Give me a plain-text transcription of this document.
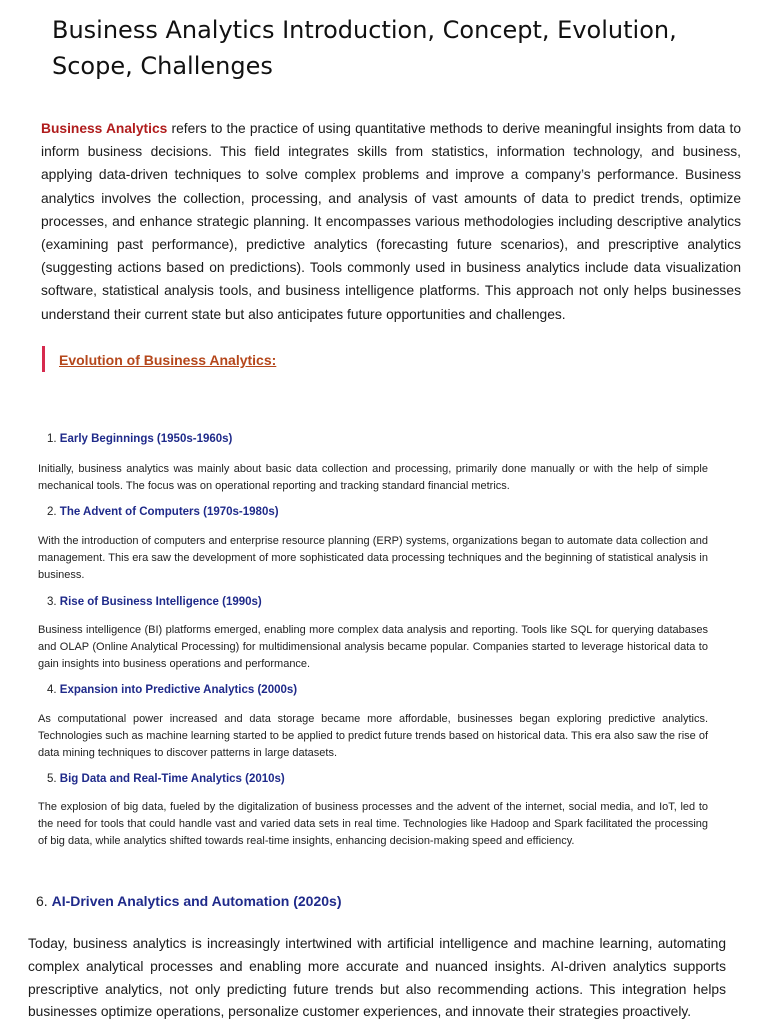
Business Analytics Introduction, Concept, Evolution, Scope, Challenges

Business Analytics refers to the practice of using quantitative methods to derive meaningful insights from data to inform business decisions. This field integrates skills from statistics, information technology, and business, applying data-driven techniques to solve complex problems and improve a company’s performance. Business analytics involves the collection, processing, and analysis of vast amounts of data to predict trends, optimize processes, and enhance strategic planning. It encompasses various methodologies including descriptive analytics (examining past performance), predictive analytics (forecasting future scenarios), and prescriptive analytics (suggesting actions based on predictions). Tools commonly used in business analytics include data visualization software, statistical analysis tools, and business intelligence platforms. This approach not only helps businesses understand their current state but also anticipates future opportunities and challenges.

Evolution of Business Analytics:
1. Early Beginnings (1950s-1960s)

Initially, business analytics was mainly about basic data collection and processing, primarily done manually or with the help of simple mechanical tools. The focus was on operational reporting and tracking standard financial metrics.

2. The Advent of Computers (1970s-1980s)

With the introduction of computers and enterprise resource planning (ERP) systems, organizations began to automate data collection and management. This era saw the development of more sophisticated data processing techniques and the beginning of statistical analysis in business.

3. Rise of Business Intelligence (1990s)

Business intelligence (BI) platforms emerged, enabling more complex data analysis and reporting. Tools like SQL for querying databases and OLAP (Online Analytical Processing) for multidimensional analysis became popular. Companies started to leverage historical data to gain insights into business operations and performance.

4. Expansion into Predictive Analytics (2000s)

As computational power increased and data storage became more affordable, businesses began exploring predictive analytics. Technologies such as machine learning started to be applied to predict future trends based on historical data. This era also saw the rise of data mining techniques to discover patterns in large datasets.

5. Big Data and Real-Time Analytics (2010s)

The explosion of big data, fueled by the digitalization of business processes and the advent of the internet, social media, and IoT, led to the need for tools that could handle vast and varied data sets in real time. Technologies like Hadoop and Spark facilitated the processing of big data, while analytics shifted towards real-time insights, enhancing decision-making speed and efficiency.

6. AI-Driven Analytics and Automation (2020s)

Today, business analytics is increasingly intertwined with artificial intelligence and machine learning, automating complex analytical processes and enabling more accurate and nuanced insights. AI-driven analytics supports prescriptive analytics, not only predicting future trends but also recommending actions. This integration helps businesses optimize operations, personalize customer experiences, and innovate their strategies proactively.
